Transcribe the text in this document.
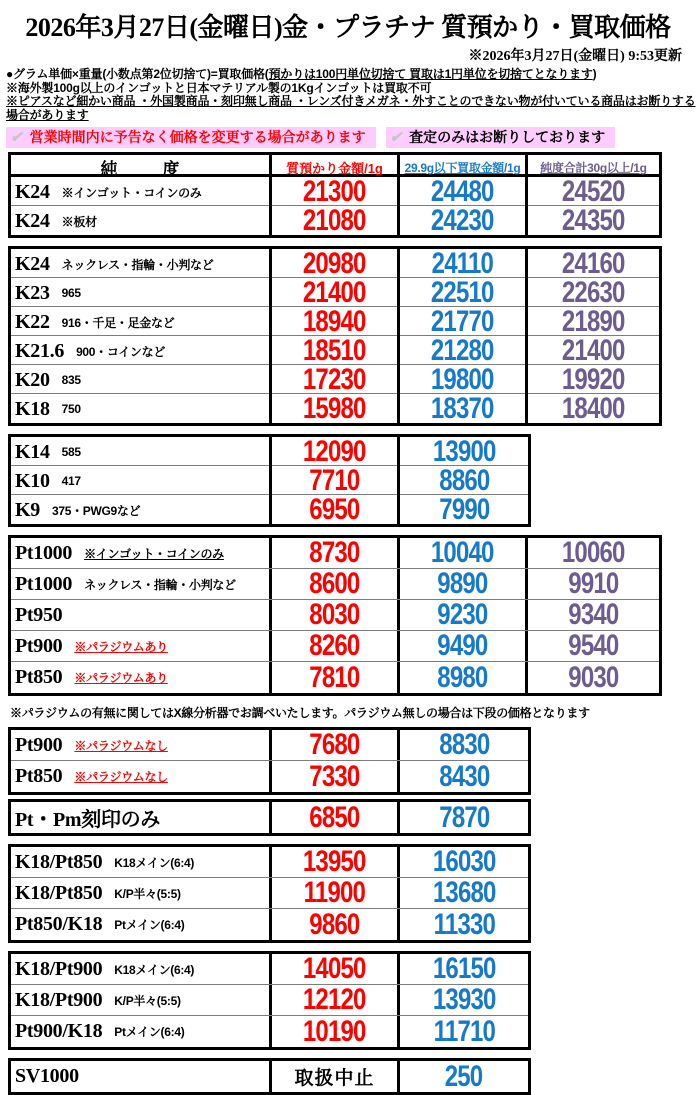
2026年3月27日(金曜日)金・プラチナ 質預かり・買取価格
※2026年3月27日(金曜日) 9:53更新
●グラム単価×重量(小数点第2位切捨て)=買取価格(預かりは100円単位切捨て 買取は1円単位を切捨てとなります)
※海外製100g以上のインゴットと日本マテリアル製の1Kgインゴットは買取不可
※ピアスなど細かい商品 ・外国製商品・刻印無し商品 ・レンズ付きメガネ・外すことのできない物が付いている商品はお断りする場合があります
✔ 営業時間内に予告なく価格を変更する場合があります	✔ 査定のみはお断りしております
純　度	質預かり金額/1g 29.9g以下買取金額/1g 純度合計30g以上/1g
K24 ※インゴット・コインのみ	21300 24480 24520
K24 ※板材	21080 24230 24350
K24 ネックレス・指輪・小判など	20980 24110 24160
K23 965	21400 22510 22630
K22 916・千足・足金など	18940 21770 21890
K21.6 900・コインなど	18510 21280 21400
K20 835	17230 19800 19920
K18 750	15980 18370 18400
K14 585	12090 13900
K10 417	7710	8860
K9 375・PWG9など	6950	7990
Pt1000 ※インゴット・コインのみ	8730 10040 10060
Pt1000 ネックレス・指輪・小判など 8600	9890	9910
Pt950	8030	9230	9340
Pt900 ※パラジウムあり	8260	9490	9540
Pt850 ※パラジウムあり	7810	8980	9030
※パラジウムの有無に関してはX線分析器でお調べいたします。パラジウム無しの場合は下段の価格となります
Pt900 ※パラジウムなし	7680	8830
Pt850 ※パラジウムなし	7330	8430
Pt・Pm刻印のみ	6850	7870
K18/Pt850 K18メイン(6:4)	13950 16030
K18/Pt850 K/P半々(5:5)	11900 13680
Pt850/K18 Ptメイン(6:4)	9860 11330
K18/Pt900 K18メイン(6:4)	14050 16150
K18/Pt900 K/P半々(5:5)	12120 13930
Pt900/K18 Ptメイン(6:4)	10190 11710
SV1000	取扱中止 250
